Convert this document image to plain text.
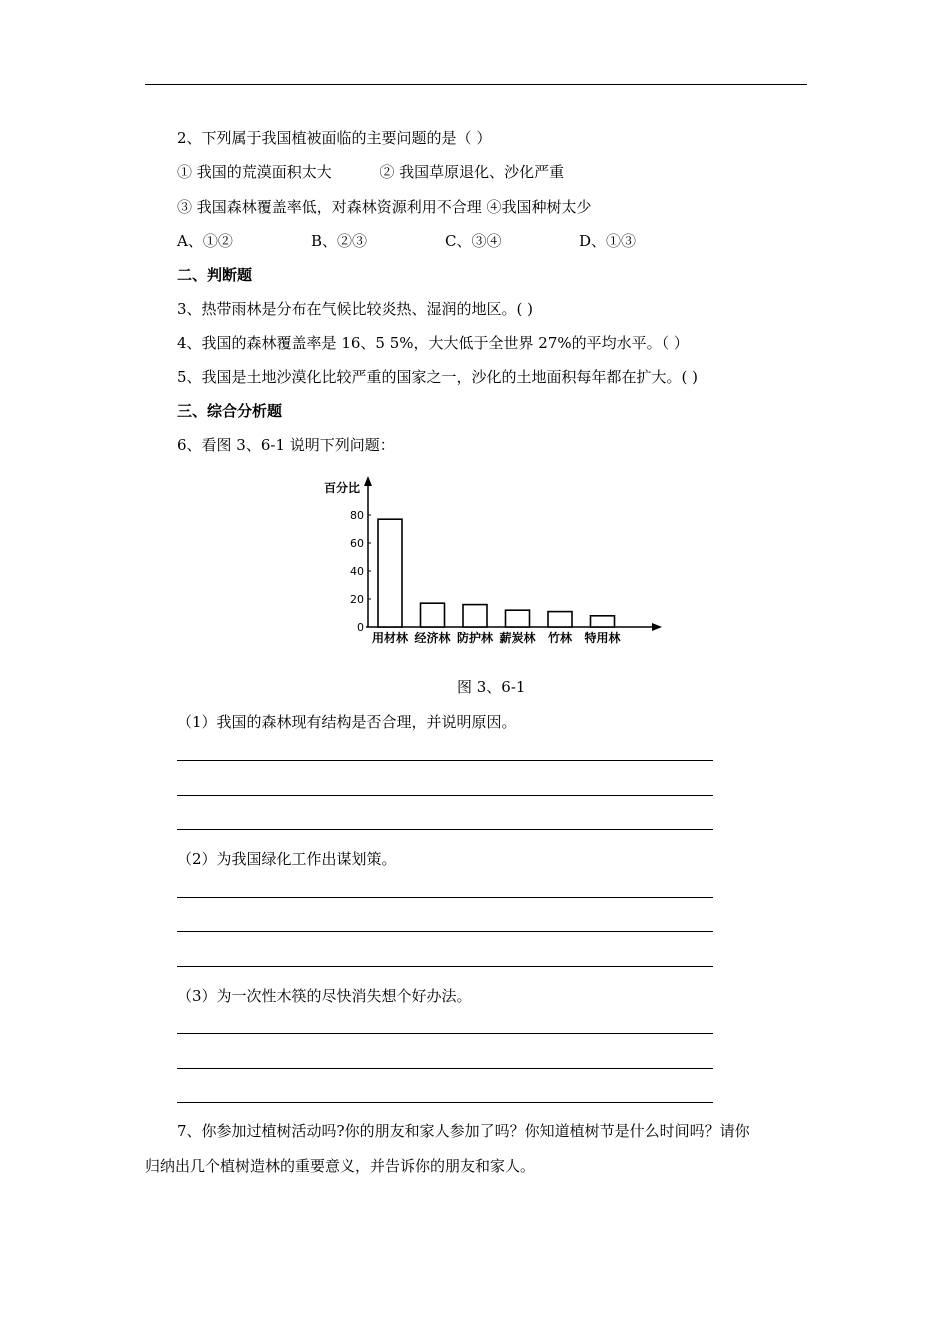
2、下列属于我国植被面临的主要问题的是（ ）
① 我国的荒漠面积太大	② 我国草原退化、沙化严重
③ 我国森林覆盖率低，对森林资源利用不合理 ④我国种树太少
A、①②	B、②③	C、③④	D、①③
二、判断题
3、热带雨林是分布在气候比较炎热、湿润的地区。( )
4、我国的森林覆盖率是 16、5 5%，大大低于全世界 27%的平均水平。（ ）
5、我国是土地沙漠化比较严重的国家之一，沙化的土地面积每年都在扩大。( )
三、综合分析题
6、看图 3、6-1 说明下列问题：
百分比
0
20
40
60
80
用材林 经济林 防护林 薪炭林 竹林 特用林
图 3、6-1
（1）我国的森林现有结构是否合理，并说明原因。
（2）为我国绿化工作出谋划策。
（3）为一次性木筷的尽快消失想个好办法。
7、你参加过植树活动吗?你的朋友和家人参加了吗？你知道植树节是什么时间吗？请你
归纳出几个植树造林的重要意义，并告诉你的朋友和家人。
